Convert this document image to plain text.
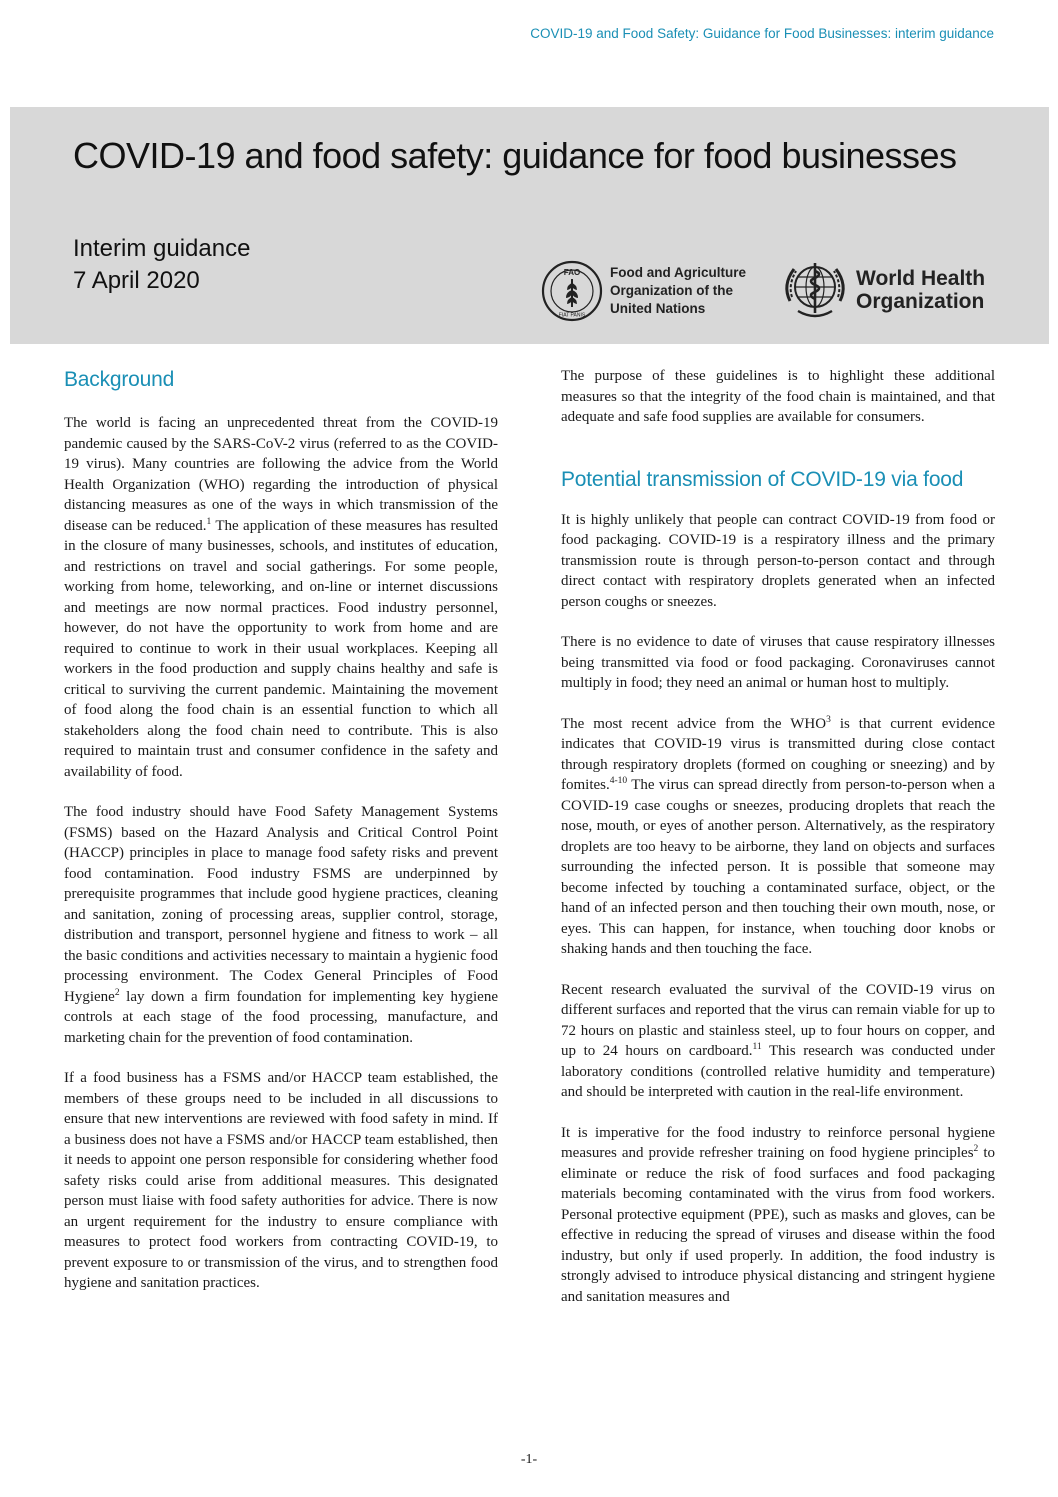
COVID-19 and Food Safety: Guidance for Food Businesses: interim guidance
COVID-19 and food safety: guidance for food businesses
Interim guidance
7 April 2020	FAO
FIAT PANIS
Food and Agriculture
Organization of the
United Nations
World Health
Organization
Background

The world is facing an unprecedented threat from the COVID-19 pandemic caused by the SARS-CoV-2 virus (referred to as the COVID-19 virus). Many countries are following the advice from the World Health Organization (WHO) regarding the introduction of physical distancing measures as one of the ways in which transmission of the disease can be reduced.$^1$ The application of these measures has resulted in the closure of many businesses, schools, and institutes of education, and restrictions on travel and social gatherings. For some people, working from home, teleworking, and on-line or internet discussions and meetings are now normal practices. Food industry personnel, however, do not have the opportunity to work from home and are required to continue to work in their usual workplaces. Keeping all workers in the food production and supply chains healthy and safe is critical to surviving the current pandemic. Maintaining the movement of food along the food chain is an essential function to which all stakeholders along the food chain need to contribute. This is also required to maintain trust and consumer confidence in the safety and availability of food.

The food industry should have Food Safety Management Systems (FSMS) based on the Hazard Analysis and Critical Control Point (HACCP) principles in place to manage food safety risks and prevent food contamination. Food industry FSMS are underpinned by prerequisite programmes that include good hygiene practices, cleaning and sanitation, zoning of processing areas, supplier control, storage, distribution and transport, personnel hygiene and fitness to work – all the basic conditions and activities necessary to maintain a hygienic food processing environment. The Codex General Principles of Food Hygiene$^2$ lay down a firm foundation for implementing key hygiene controls at each stage of the food processing, manufacture, and marketing chain for the prevention of food contamination.

If a food business has a FSMS and/or HACCP team established, the members of these groups need to be included in all discussions to ensure that new interventions are reviewed with food safety in mind. If a business does not have a FSMS and/or HACCP team established, then it needs to appoint one person responsible for considering whether food safety risks could arise from additional measures. This designated person must liaise with food safety authorities for advice. There is now an urgent requirement for the industry to ensure compliance with measures to protect food workers from contracting COVID-19, to prevent exposure to or transmission of the virus, and to strengthen food hygiene and sanitation practices.

The purpose of these guidelines is to highlight these additional measures so that the integrity of the food chain is maintained, and that adequate and safe food supplies are available for consumers.

Potential transmission of COVID-19 via food

It is highly unlikely that people can contract COVID-19 from food or food packaging. COVID-19 is a respiratory illness and the primary transmission route is through person-to-person contact and through direct contact with respiratory droplets generated when an infected person coughs or sneezes.

There is no evidence to date of viruses that cause respiratory illnesses being transmitted via food or food packaging. Coronaviruses cannot multiply in food; they need an animal or human host to multiply.

The most recent advice from the WHO$^3$ is that current evidence indicates that COVID-19 virus is transmitted during close contact through respiratory droplets (formed on coughing or sneezing) and by fomites.$^{4-10}$ The virus can spread directly from person-to-person when a COVID-19 case coughs or sneezes, producing droplets that reach the nose, mouth, or eyes of another person. Alternatively, as the respiratory droplets are too heavy to be airborne, they land on objects and surfaces surrounding the infected person. It is possible that someone may become infected by touching a contaminated surface, object, or the hand of an infected person and then touching their own mouth, nose, or eyes. This can happen, for instance, when touching door knobs or shaking hands and then touching the face.

Recent research evaluated the survival of the COVID-19 virus on different surfaces and reported that the virus can remain viable for up to 72 hours on plastic and stainless steel, up to four hours on copper, and up to 24 hours on cardboard.$^{11}$ This research was conducted under laboratory conditions (controlled relative humidity and temperature) and should be interpreted with caution in the real-life environment.

It is imperative for the food industry to reinforce personal hygiene measures and provide refresher training on food hygiene principles$^2$ to eliminate or reduce the risk of food surfaces and food packaging materials becoming contaminated with the virus from food workers. Personal protective equipment (PPE), such as masks and gloves, can be effective in reducing the spread of viruses and disease within the food industry, but only if used properly. In addition, the food industry is strongly advised to introduce physical distancing and stringent hygiene and sanitation measures and

-1-
